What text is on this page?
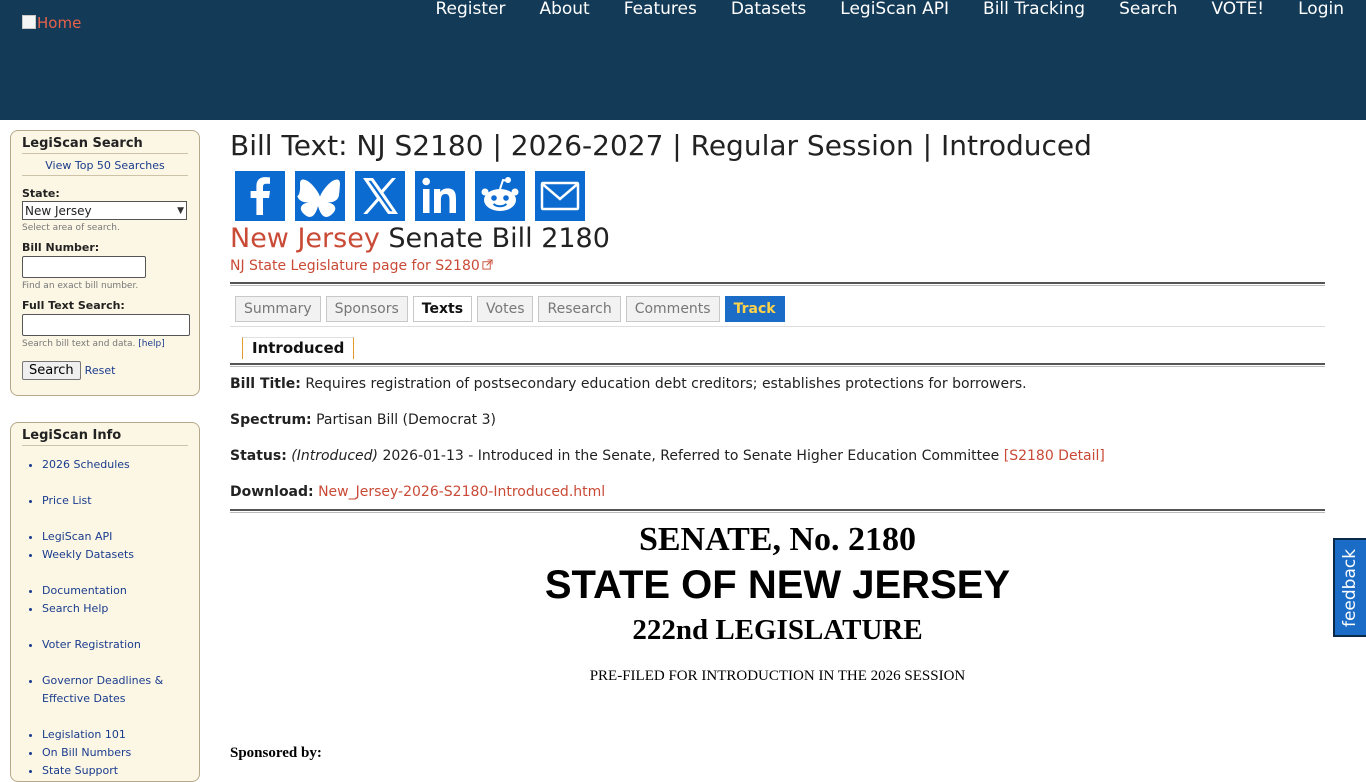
Home
Register	About	Features	Datasets	LegiScan API	Bill Tracking	Search	VOTE!	Login
LegiScan Search
View Top 50 Searches
State:
New Jersey	▼
Select area of search.
Bill Number:
Find an exact bill number.
Full Text Search:
Search bill text and data. [help]
Search	Reset
LegiScan Info
• 2026 Schedules
• Price List
• LegiScan API
• Weekly Datasets
• Documentation
• Search Help
• Voter Registration
• Governor Deadlines & Effective Dates
• Legislation 101
• On Bill Numbers
• State Support
Bill Text: NJ S2180 | 2026-2027 | Regular Session | Introduced
New Jersey Senate Bill 2180
NJ State Legislature page for S2180
Summary	Sponsors	Texts	Votes	Research	Comments	Track
Introduced
Bill Title: Requires registration of postsecondary education debt creditors; establishes protections for borrowers.
Spectrum: Partisan Bill (Democrat 3)
Status: (Introduced) 2026-01-13 - Introduced in the Senate, Referred to Senate Higher Education Committee [S2180 Detail]
Download: New_Jersey-2026-S2180-Introduced.html
SENATE, No. 2180
STATE OF NEW JERSEY
222nd LEGISLATURE
PRE-FILED FOR INTRODUCTION IN THE 2026 SESSION
Sponsored by:
feedback
